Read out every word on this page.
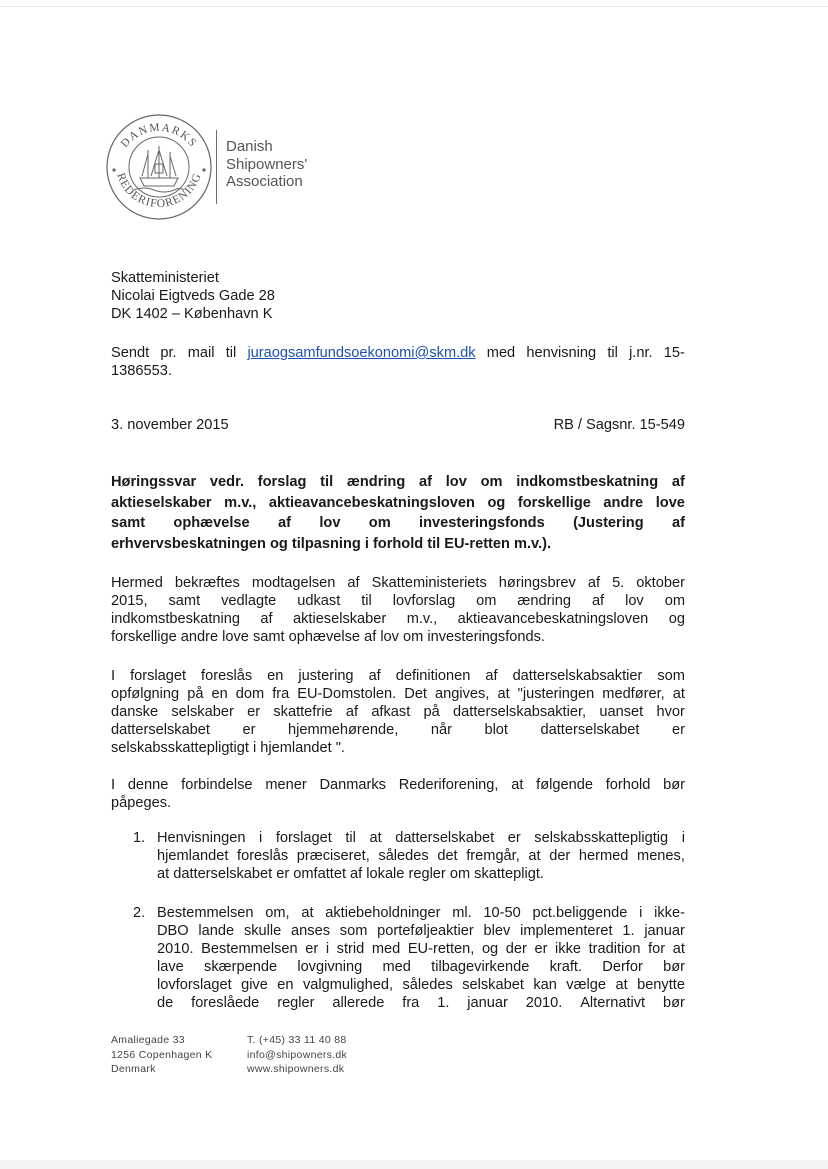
DANMARKS
REDERIFORENING
Danish
Shipowners'
Association
Skatteministeriet
Nicolai Eigtveds Gade 28
DK 1402 – København K
Sendt pr. mail til juraogsamfundsoekonomi@skm.dk med henvisning til j.nr. 15-
1386553.
3. november 2015	RB / Sagsnr. 15-549
Høringssvar vedr. forslag til ændring af lov om indkomstbeskatning af
aktieselskaber m.v., aktieavancebeskatningsloven og forskellige andre love
samt ophævelse af lov om investeringsfonds (Justering af
erhvervsbeskatningen og tilpasning i forhold til EU-retten m.v.).
Hermed bekræftes modtagelsen af Skatteministeriets høringsbrev af 5. oktober
2015, samt vedlagte udkast til lovforslag om ændring af lov om
indkomstbeskatning af aktieselskaber m.v., aktieavancebeskatningsloven og
forskellige andre love samt ophævelse af lov om investeringsfonds.
I forslaget foreslås en justering af definitionen af datterselskabsaktier som
opfølgning på en dom fra EU-Domstolen. Det angives, at "justeringen medfører, at
danske selskaber er skattefrie af afkast på datterselskabsaktier, uanset hvor
datterselskabet er hjemmehørende, når blot datterselskabet er
selskabsskattepligtigt i hjemlandet ".
I denne forbindelse mener Danmarks Rederiforening, at følgende forhold bør
påpeges.
1. Henvisningen i forslaget til at datterselskabet er selskabsskattepligtig i
hjemlandet foreslås præciseret, således det fremgår, at der hermed menes,
at datterselskabet er omfattet af lokale regler om skattepligt.
2. Bestemmelsen om, at aktiebeholdninger ml. 10-50 pct.beliggende i ikke-
DBO lande skulle anses som porteføljeaktier blev implementeret 1. januar
2010. Bestemmelsen er i strid med EU-retten, og der er ikke tradition for at
lave skærpende lovgivning med tilbagevirkende kraft. Derfor bør
lovforslaget give en valgmulighed, således selskabet kan vælge at benytte
de foreslåede regler allerede fra 1. januar 2010. Alternativt bør
Amaliegade 33
1256 Copenhagen K
Denmark
T. (+45) 33 11 40 88
info@shipowners.dk
www.shipowners.dk
